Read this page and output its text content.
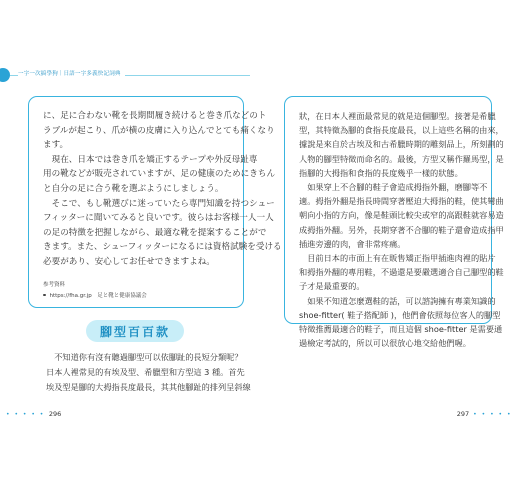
一字一次搞學狗｜日語一字多義快記詞典
に、足に合わない靴を長期間履き続けると巻き爪などのト
ラブルが起こり、爪が横の皮膚に入り込んでとても痛くなり
ます。
　現在、日本では巻き爪を矯正するテープや外反母趾専
用の靴などが販売されていますが、足の健康のためにきちん
と自分の足に合う靴を選ぶようにしましょう。
　そこで、もし靴選びに迷っていたら専門知識を持つシュー
フィッターに聞いてみると良いです。彼らはお客様一人一人
の足の特徴を把握しながら、最適な靴を提案することがで
きます。また、シューフィッターになるには資格試験を受ける
必要があり、安心してお任せできますよね。
参考資料
https://fha.gr.jp　足と靴と健康協議会
腳型百百款
　不知道你有沒有聽過腳型可以依腳趾的長短分類呢？
日本人裡常見的有埃及型、希臘型和方型這 3 種。首先
埃及型是腳的大拇指長度最長，其其他腳趾的排列呈斜線
狀，在日本人裡面最常見的就是這個腳型。接著是希臘
型，其特徵為腳的食指長度最長，以上這些名稱的由來，
據說是來自於古埃及和古希臘時期的雕刻品上，所刻劃的
人物的腳型特徵而命名的。最後，方型又稱作羅馬型，是
指腳的大拇指和食指的長度幾乎一樣的狀態。
　如果穿上不合腳的鞋子會造成拇指外翻，磨腳等不
適。拇指外翻是指長時間穿著壓迫大拇指的鞋，使其彎曲
朝向小指的方向，像是鞋頭比較尖或窄的高跟鞋就容易造
成拇指外翻。另外，長期穿著不合腳的鞋子還會造成指甲
插進旁邊的肉，會非常疼痛。
　目前日本的市面上有在販售矯正指甲插進肉裡的貼片
和拇指外翻的專用鞋，不過還是要嚴選適合自己腳型的鞋
子才是最重要的。
　如果不知道怎麼選鞋的話，可以諮詢擁有專業知識的
shoe-fitter( 鞋子搭配師 )，他們會依照每位客人的腳型
特徵推薦最適合的鞋子，而且這個 shoe-fitter 是需要通
過檢定考試的，所以可以很放心地交給他們喔。
• • • • • 296	297 • • • • •
